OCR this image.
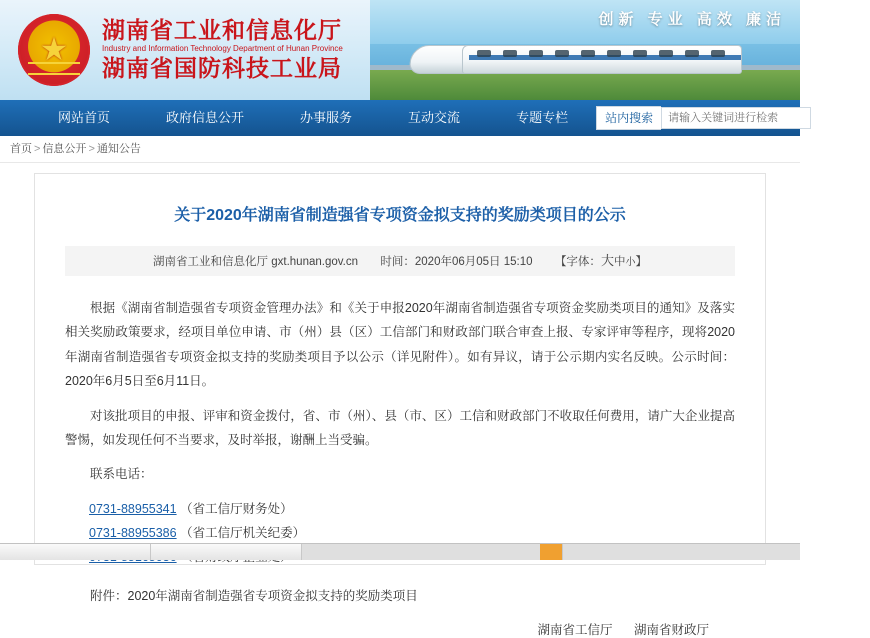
创新 专业 高效 廉洁
★
湖南省工业和信息化厅
Industry and Information Technology Department of Hunan Province
湖南省国防科技工业局
网站首页	政府信息公开	办事服务	互动交流	专题专栏	站内搜索
请输入关键词进行检索	检 索
首页 > 信息公开 > 通知公告
关于2020年湖南省制造强省专项资金拟支持的奖励类项目的公示
湖南省工业和信息化厅 gxt.hunan.gov.cn 时间：2020年06月05日 15:10 【字体：大中小】

根据《湖南省制造强省专项资金管理办法》和《关于申报2020年湖南省制造强省专项资金奖励类项目的通知》及落实相关奖励政策要求，经项目单位申请、市（州）县（区）工信部门和财政部门联合审查上报、专家评审等程序，现将2020年湖南省制造强省专项资金拟支持的奖励类项目予以公示（详见附件）。如有异议，请于公示期内实名反映。公示时间：2020年6月5日至6月11日。

对该批项目的申报、评审和资金拨付，省、市（州）、县（市、区）工信和财政部门不收取任何费用，请广大企业提高警惕，如发现任何不当要求，及时举报，谢酬上当受骗。

联系电话：

0731-88955341 （省工信厅财务处）
0731-88955386 （省工信厅机关纪委）
附件：2020年湖南省制造强省专项资金拟支持的奖励类项目
湖南省工信厅 湖南省财政厅
